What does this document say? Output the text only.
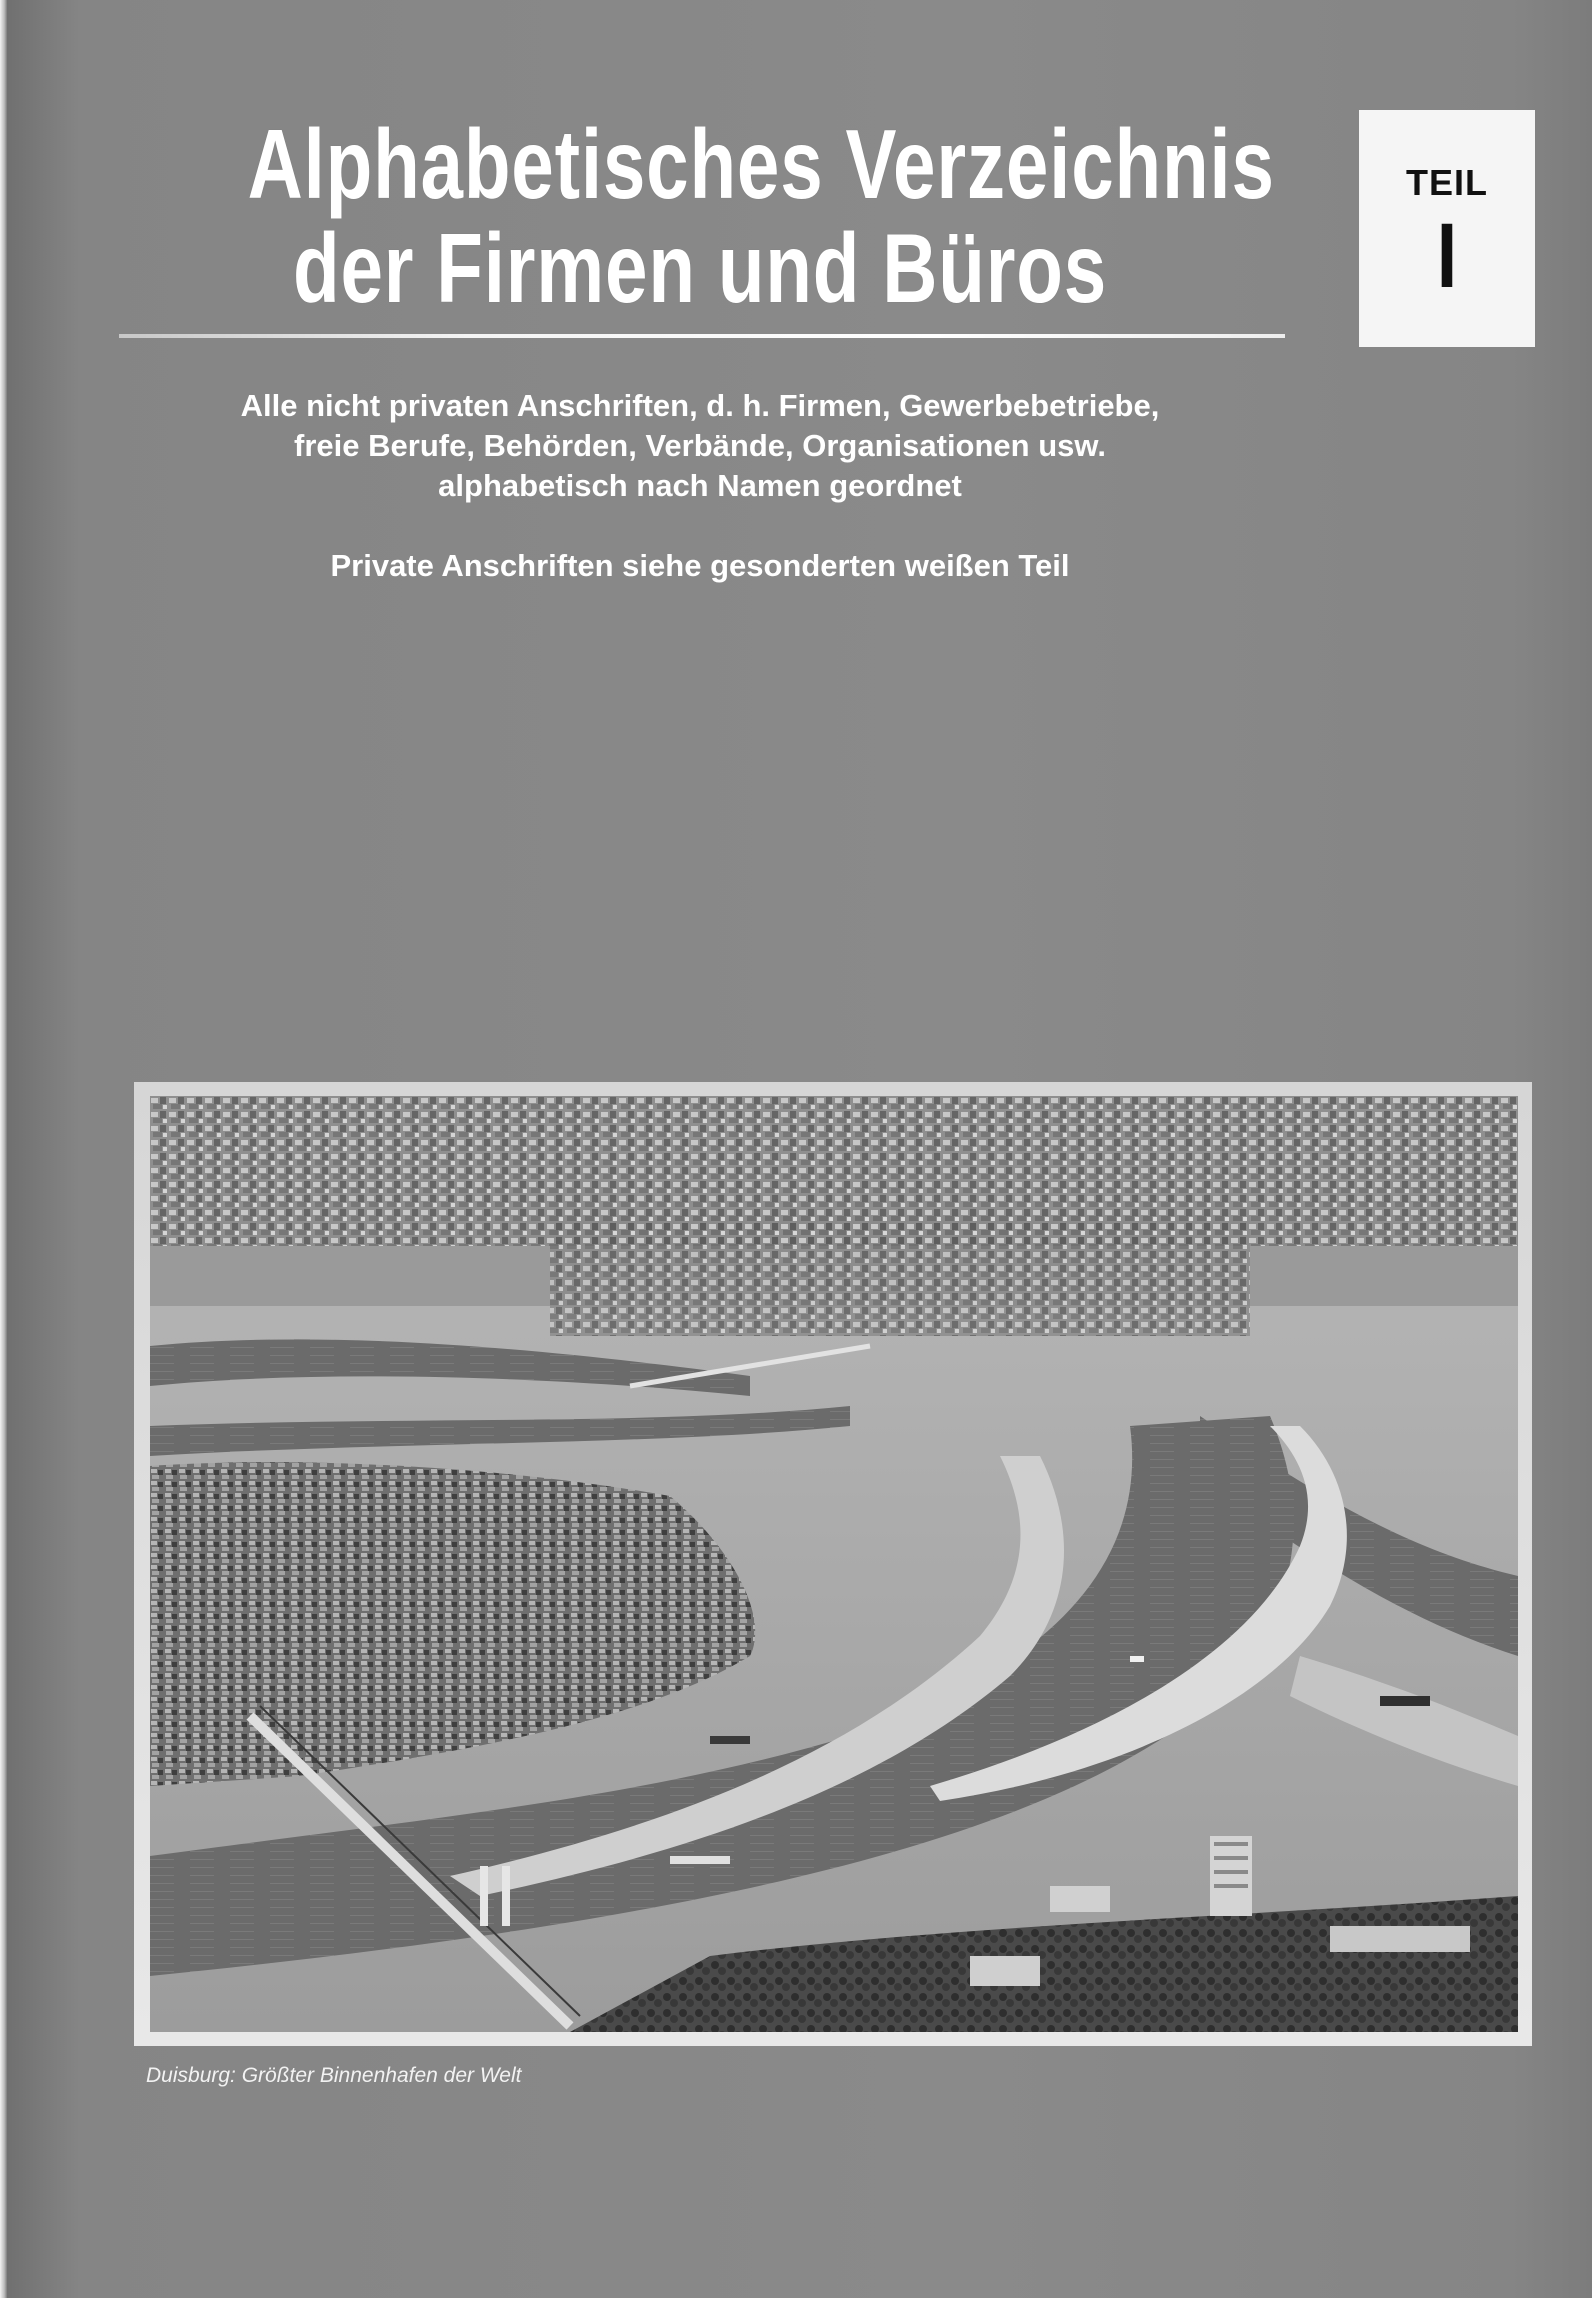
Alphabetisches Verzeichnis
der Firmen und Büros
TEIL
I
Alle nicht privaten Anschriften, d. h. Firmen, Gewerbebetriebe,
freie Berufe, Behörden, Verbände, Organisationen usw.
alphabetisch nach Namen geordnet
Private Anschriften siehe gesonderten weißen Teil
Duisburg: Größter Binnenhafen der Welt
